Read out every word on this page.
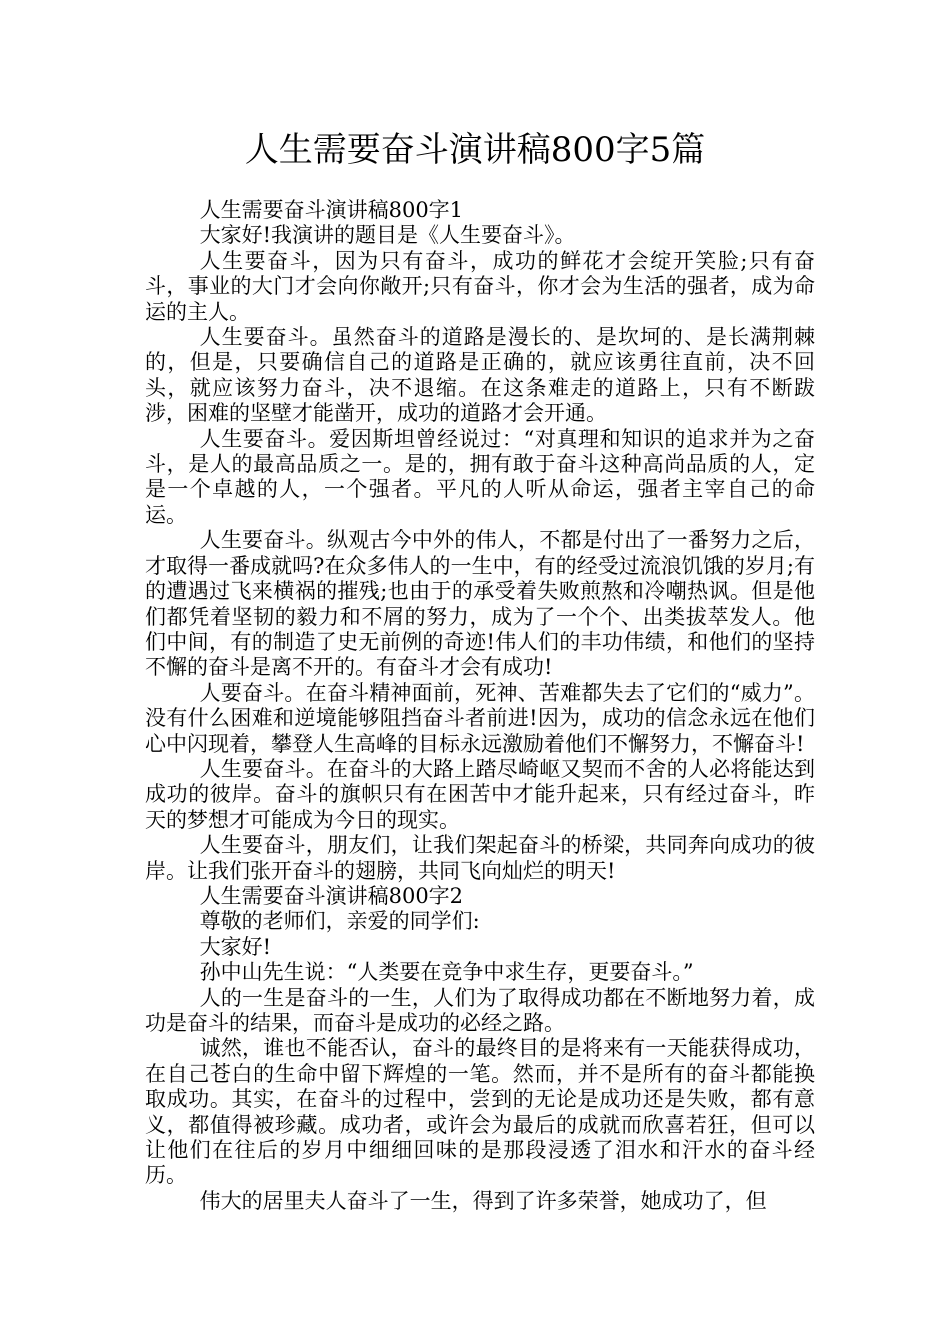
人生需要奋斗演讲稿800字5篇

人生需要奋斗演讲稿800字1

大家好!我演讲的题目是《人生要奋斗》。

人生要奋斗，因为只有奋斗，成功的鲜花才会绽开笑脸;只有奋斗，事业的大门才会向你敞开;只有奋斗，你才会为生活的强者，成为命运的主人。

人生要奋斗。虽然奋斗的道路是漫长的、是坎坷的、是长满荆棘的，但是，只要确信自己的道路是正确的，就应该勇往直前，决不回头，就应该努力奋斗，决不退缩。在这条难走的道路上，只有不断跋涉，困难的坚壁才能凿开，成功的道路才会开通。

人生要奋斗。爱因斯坦曾经说过：“对真理和知识的追求并为之奋斗，是人的最高品质之一。是的，拥有敢于奋斗这种高尚品质的人，定是一个卓越的人，一个强者。平凡的人听从命运，强者主宰自己的命运。

人生要奋斗。纵观古今中外的伟人，不都是付出了一番努力之后，才取得一番成就吗?在众多伟人的一生中，有的经受过流浪饥饿的岁月;有的遭遇过飞来横祸的摧残;也由于的承受着失败煎熬和冷嘲热讽。但是他们都凭着坚韧的毅力和不屑的努力，成为了一个个、出类拔萃发人。他们中间，有的制造了史无前例的奇迹!伟人们的丰功伟绩，和他们的坚持不懈的奋斗是离不开的。有奋斗才会有成功!

人要奋斗。在奋斗精神面前，死神、苦难都失去了它们的“威力”。没有什么困难和逆境能够阻挡奋斗者前进!因为，成功的信念永远在他们心中闪现着，攀登人生高峰的目标永远激励着他们不懈努力，不懈奋斗!

人生要奋斗。在奋斗的大路上踏尽崎岖又契而不舍的人必将能达到成功的彼岸。奋斗的旗帜只有在困苦中才能升起来，只有经过奋斗，昨天的梦想才可能成为今日的现实。

人生要奋斗，朋友们，让我们架起奋斗的桥梁，共同奔向成功的彼岸。让我们张开奋斗的翅膀，共同飞向灿烂的明天!

人生需要奋斗演讲稿800字2

尊敬的老师们，亲爱的同学们:

大家好!

孙中山先生说：“人类要在竞争中求生存，更要奋斗。”

人的一生是奋斗的一生，人们为了取得成功都在不断地努力着，成功是奋斗的结果，而奋斗是成功的必经之路。

诚然，谁也不能否认，奋斗的最终目的是将来有一天能获得成功，在自己苍白的生命中留下辉煌的一笔。然而，并不是所有的奋斗都能换取成功。其实，在奋斗的过程中，尝到的无论是成功还是失败，都有意义，都值得被珍藏。成功者，或许会为最后的成就而欣喜若狂，但可以让他们在往后的岁月中细细回味的是那段浸透了泪水和汗水的奋斗经历。

伟大的居里夫人奋斗了一生，得到了许多荣誉，她成功了，但
